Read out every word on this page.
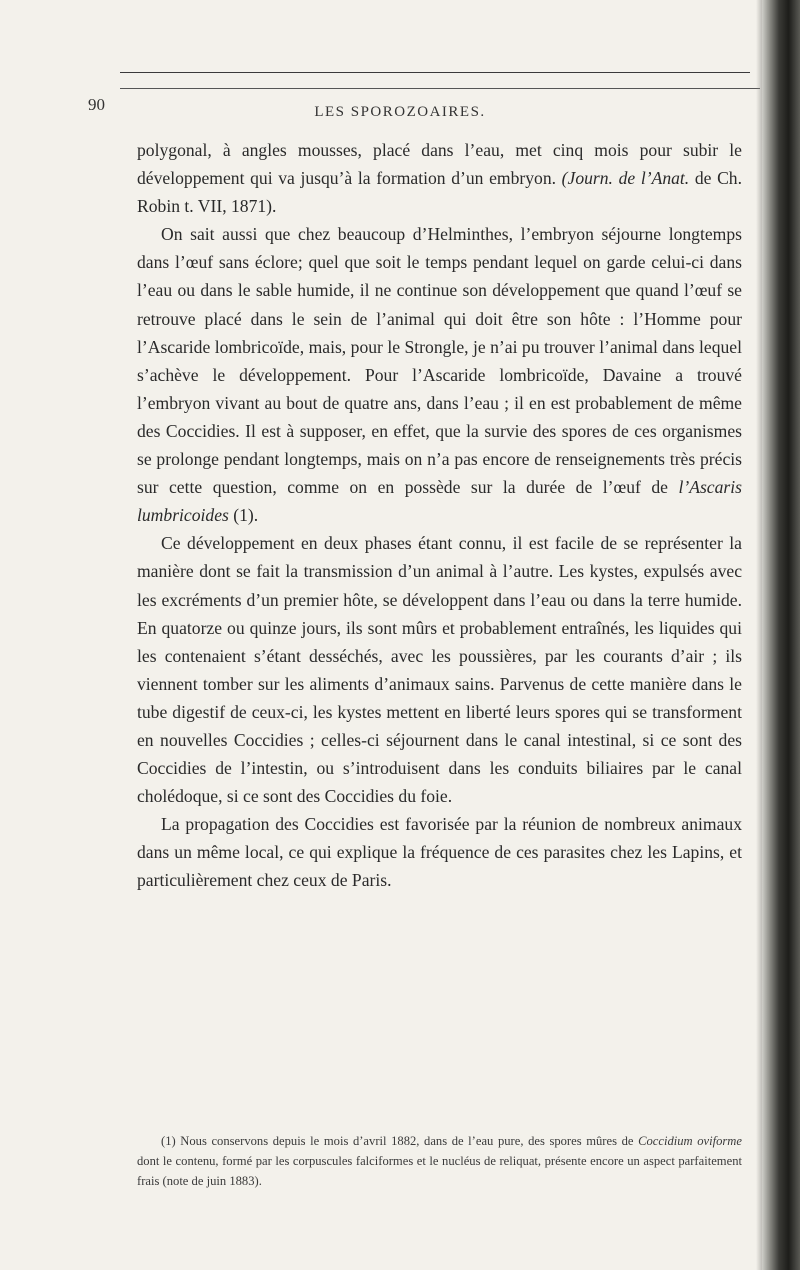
90	LES SPOROZOAIRES.

polygonal, à angles mousses, placé dans l’eau, met cinq mois pour subir le développement qui va jusqu’à la formation d’un embryon. (Journ. de l’Anat. de Ch. Robin t. VII, 1871).

On sait aussi que chez beaucoup d’Helminthes, l’embryon séjourne longtemps dans l’œuf sans éclore; quel que soit le temps pendant lequel on garde celui-ci dans l’eau ou dans le sable humide, il ne continue son développement que quand l’œuf se retrouve placé dans le sein de l’animal qui doit être son hôte : l’Homme pour l’Ascaride lombricoïde, mais, pour le Strongle, je n’ai pu trouver l’animal dans lequel s’achève le développement. Pour l’Ascaride lombricoïde, Davaine a trouvé l’embryon vivant au bout de quatre ans, dans l’eau ; il en est probablement de même des Coccidies. Il est à supposer, en effet, que la survie des spores de ces organismes se prolonge pendant longtemps, mais on n’a pas encore de renseignements très précis sur cette question, comme on en possède sur la durée de l’œuf de l’Ascaris lumbricoides (1).

Ce développement en deux phases étant connu, il est facile de se représenter la manière dont se fait la transmission d’un animal à l’autre. Les kystes, expulsés avec les excréments d’un premier hôte, se développent dans l’eau ou dans la terre humide. En quatorze ou quinze jours, ils sont mûrs et probablement entraînés, les liquides qui les contenaient s’étant desséchés, avec les poussières, par les courants d’air ; ils viennent tomber sur les aliments d’animaux sains. Parvenus de cette manière dans le tube digestif de ceux-ci, les kystes mettent en liberté leurs spores qui se transforment en nouvelles Coccidies ; celles-ci séjournent dans le canal intestinal, si ce sont des Coccidies de l’intestin, ou s’introduisent dans les conduits biliaires par le canal cholédoque, si ce sont des Coccidies du foie.

La propagation des Coccidies est favorisée par la réunion de nombreux animaux dans un même local, ce qui explique la fréquence de ces parasites chez les Lapins, et particulièrement chez ceux de Paris.

(1) Nous conservons depuis le mois d’avril 1882, dans de l’eau pure, des spores mûres de Coccidium oviforme dont le contenu, formé par les corpuscules falciformes et le nucléus de reliquat, présente encore un aspect parfaitement frais (note de juin 1883).
